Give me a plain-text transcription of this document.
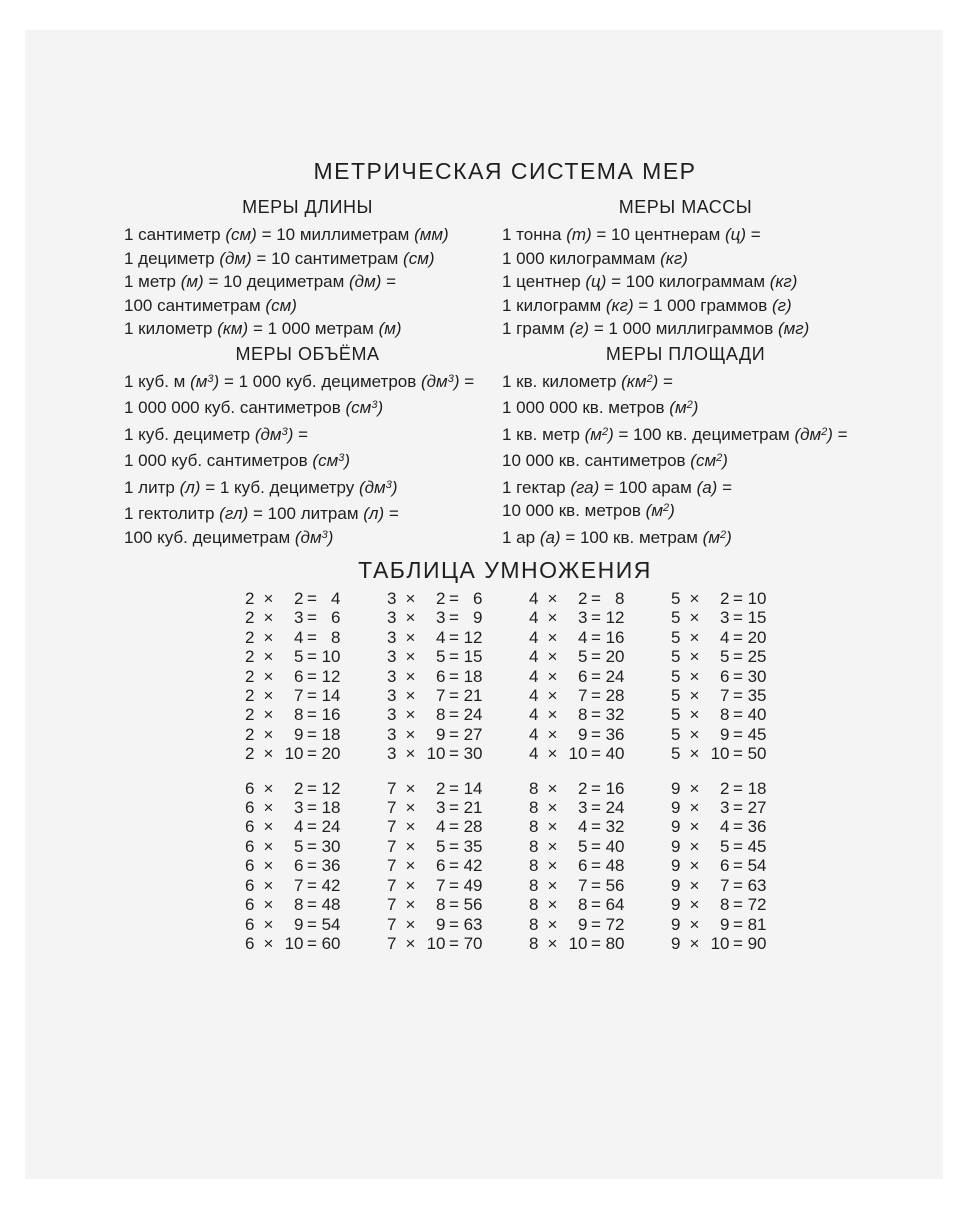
МЕТРИЧЕСКАЯ СИСТЕМА МЕР
МЕРЫ ДЛИНЫ
1 сантиметр (см) = 10 миллиметрам (мм)
1 дециметр (дм) = 10 сантиметрам (см)
1 метр (м) = 10 дециметрам (дм) =
100 сантиметрам (см)
1 километр (км) = 1 000 метрам (м)
МЕРЫ МАССЫ
1 тонна (т) = 10 центнерам (ц) =
1 000 килограммам (кг)
1 центнер (ц) = 100 килограммам (кг)
1 килограмм (кг) = 1 000 граммов (г)
1 грамм (г) = 1 000 миллиграммов (мг)
МЕРЫ ОБЪЁМА
1 куб. м $(м^3) = 1$ 000 куб. дециметров $(дм^3)$ =
1 000 000 куб. сантиметров $(см^3)$
1 куб. дециметр $(дм^3)$ =
1 000 куб. сантиметров $(см^3)$
1 литр (л) = 1 куб. дециметру $(дм^3)$
1 гектолитр (гл) = 100 литрам (л) =
100 куб. дециметрам $(дм^3)$
МЕРЫ ПЛОЩАДИ
1 кв. километр $(км^2)$ =
1 000 000 кв. метров $(м^2)$
1 кв. метр $(м^2) = 100$ кв. дециметрам $(дм^2)$ =
10 000 кв. сантиметров $(см^2)$
1 гектар (га) = 100 арам (а) =
10 000 кв. метров $(м^2)$
1 ар (а) = 100 кв. метрам $(м^2)$
ТАБЛИЦА УМНОЖЕНИЯ
2 ×	2 = 4
2 ×	3 = 6
2 ×	4 = 8
2 ×	5 = 10
2 ×	6 = 12
2 ×	7 = 14
2 ×	8 = 16
2 ×	9 = 18
2 × 10 = 20
3 ×	2 = 6
3 ×	3 = 9
3 ×	4 = 12
3 ×	5 = 15
3 ×	6 = 18
3 ×	7 = 21
3 ×	8 = 24
3 ×	9 = 27
3 × 10 = 30
4 ×	2 = 8
4 ×	3 = 12
4 ×	4 = 16
4 ×	5 = 20
4 ×	6 = 24
4 ×	7 = 28
4 ×	8 = 32
4 ×	9 = 36
4 × 10 = 40
5 ×	2 = 10
5 ×	3 = 15
5 ×	4 = 20
5 ×	5 = 25
5 ×	6 = 30
5 ×	7 = 35
5 ×	8 = 40
5 ×	9 = 45
5 × 10 = 50
6 ×	2 = 12
6 ×	3 = 18
6 ×	4 = 24
6 ×	5 = 30
6 ×	6 = 36
6 ×	7 = 42
6 ×	8 = 48
6 ×	9 = 54
6 × 10 = 60
7 ×	2 = 14
7 ×	3 = 21
7 ×	4 = 28
7 ×	5 = 35
7 ×	6 = 42
7 ×	7 = 49
7 ×	8 = 56
7 ×	9 = 63
7 × 10 = 70
8 ×	2 = 16
8 ×	3 = 24
8 ×	4 = 32
8 ×	5 = 40
8 ×	6 = 48
8 ×	7 = 56
8 ×	8 = 64
8 ×	9 = 72
8 × 10 = 80
9 ×	2 = 18
9 ×	3 = 27
9 ×	4 = 36
9 ×	5 = 45
9 ×	6 = 54
9 ×	7 = 63
9 ×	8 = 72
9 ×	9 = 81
9 × 10 = 90
